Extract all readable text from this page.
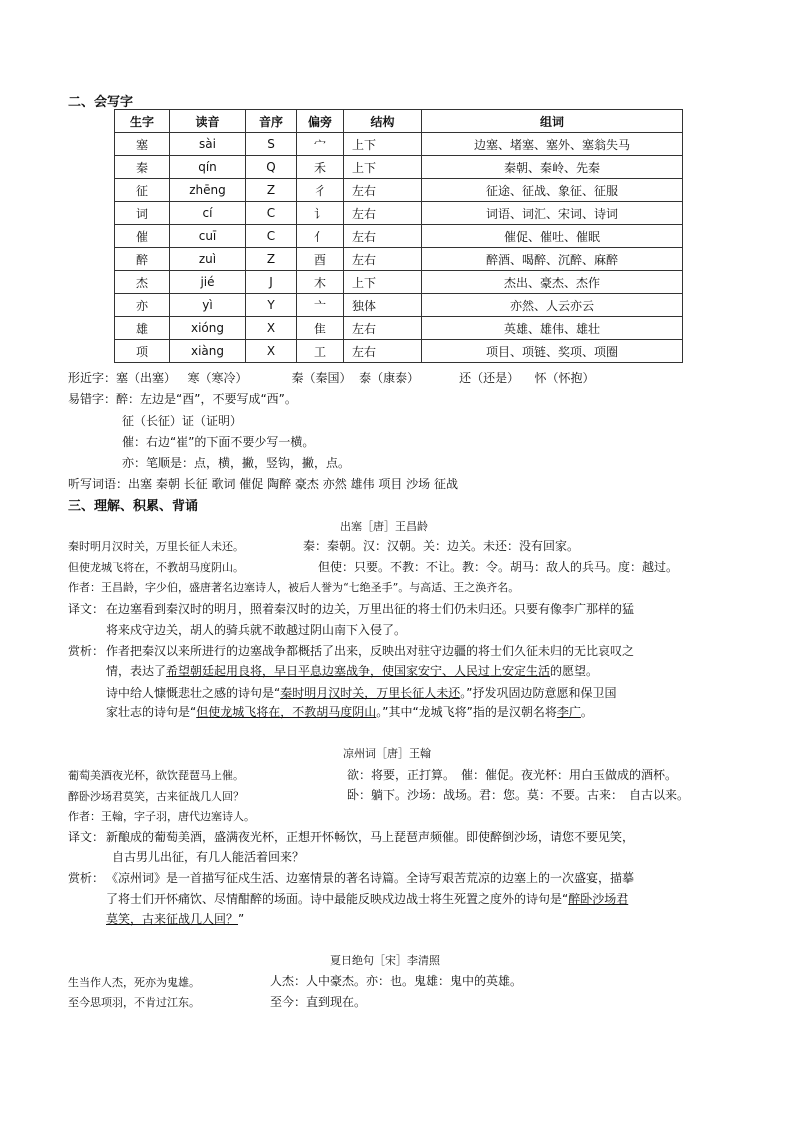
二、会写字
生字	读音	音序	偏旁	结构	组词
塞	sài	S	宀	上下	边塞、堵塞、塞外、塞翁失马
秦	qín	Q	禾	上下	秦朝、秦岭、先秦
征	zhēng	Z	彳	左右	征途、征战、象征、征服
词	cí	C	讠	左右	词语、词汇、宋词、诗词
催	cuī	C	亻	左右	催促、催吐、催眠
醉	zuì	Z	酉	左右	醉酒、喝醉、沉醉、麻醉
杰	jié	J	木	上下	杰出、豪杰、杰作
亦	yì	Y	亠	独体	亦然、人云亦云
雄	xióng	X	隹	左右	英雄、雄伟、雄壮
项	xiàng	X	工	左右	项目、项链、奖项、项圈
形近字：塞（出塞） 寒（寒冷）	秦（秦国） 泰（康泰）	还（还是） 怀（怀抱）
易错字：醉：左边是“酉”，不要写成“西”。
征（长征）证（证明）
催：右边“崔”的下面不要少写一横。
亦：笔顺是：点，横，撇，竖钩，撇，点。
听写词语：出塞 秦朝 长征 歌词 催促 陶醉 豪杰 亦然 雄伟 项目 沙场 征战
三、理解、积累、背诵
出塞［唐］王昌龄
秦时明月汉时关，万里长征人未还。	秦：秦朝。汉：汉朝。关：边关。未还：没有回家。
但使龙城飞将在，不教胡马度阴山。	但使：只要。不教：不让。教：令。胡马：敌人的兵马。度：越过。
作者：王昌龄，字少伯，盛唐著名边塞诗人，被后人誉为“七绝圣手”。与高适、王之涣齐名。
译文： 在边塞看到秦汉时的明月，照着秦汉时的边关，万里出征的将士们仍未归还。只要有像李广那样的猛
将来戍守边关，胡人的骑兵就不敢越过阴山南下入侵了。
赏析： 作者把秦汉以来所进行的边塞战争都概括了出来，反映出对驻守边疆的将士们久征未归的无比哀叹之
情，表达了希望朝廷起用良将，早日平息边塞战争，使国家安宁、人民过上安定生活的愿望。
诗中给人慷慨悲壮之感的诗句是“秦时明月汉时关，万里长征人未还。”抒发巩固边防意愿和保卫国
家壮志的诗句是“但使龙城飞将在，不教胡马度阴山。”其中“龙城飞将”指的是汉朝名将李广。
凉州词［唐］王翰
葡萄美酒夜光杯，欲饮琵琶马上催。	欲：将要，正打算。　催：催促。夜光杯：用白玉做成的酒杯。
醉卧沙场君莫笑，古来征战几人回？	卧：躺下。沙场：战场。君：您。莫：不要。古来：　自古以来。
作者：王翰，字子羽，唐代边塞诗人。
译文： 新酿成的葡萄美酒，盛满夜光杯，正想开怀畅饮，马上琵琶声频催。即使醉倒沙场，请您不要见笑，
自古男儿出征，有几人能活着回来？
赏析： 《凉州词》是一首描写征戍生活、边塞情景的著名诗篇。全诗写艰苦荒凉的边塞上的一次盛宴，描摹
了将士们开怀痛饮、尽情酣醉的场面。诗中最能反映戍边战士将生死置之度外的诗句是“醉卧沙场君
莫笑，古来征战几人回？”
夏日绝句［宋］李清照
生当作人杰，死亦为鬼雄。	人杰：人中豪杰。亦：也。鬼雄：鬼中的英雄。
至今思项羽，不肯过江东。	至今：直到现在。
